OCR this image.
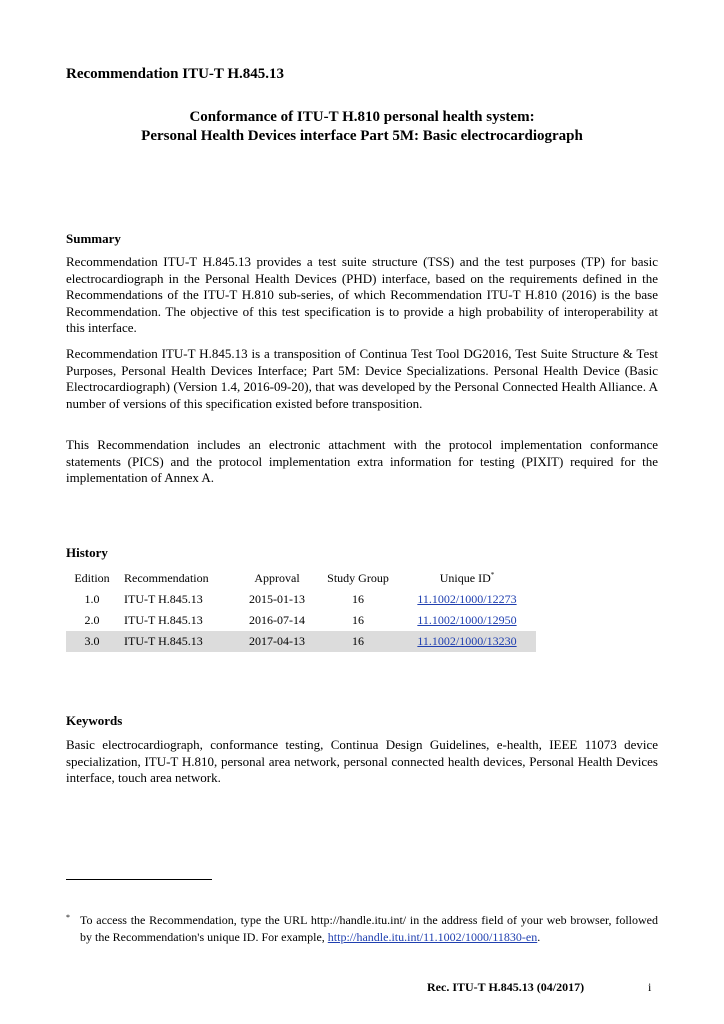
Recommendation ITU-T H.845.13
Conformance of ITU-T H.810 personal health system:
Personal Health Devices interface Part 5M: Basic electrocardiograph
Summary

Recommendation ITU-T H.845.13 provides a test suite structure (TSS) and the test purposes (TP) for basic electrocardiograph in the Personal Health Devices (PHD) interface, based on the requirements defined in the Recommendations of the ITU-T H.810 sub-series, of which Recommendation ITU-T H.810 (2016) is the base Recommendation. The objective of this test specification is to provide a high probability of interoperability at this interface.

Recommendation ITU-T H.845.13 is a transposition of Continua Test Tool DG2016, Test Suite Structure & Test Purposes, Personal Health Devices Interface; Part 5M: Device Specializations. Personal Health Device (Basic Electrocardiograph) (Version 1.4, 2016-09-20), that was developed by the Personal Connected Health Alliance. A number of versions of this specification existed before transposition.

This Recommendation includes an electronic attachment with the protocol implementation conformance statements (PICS) and the protocol implementation extra information for testing (PIXIT) required for the implementation of Annex A.

History
Edition	Recommendation	Approval	Study Group	Unique ID*
1.0	ITU-T H.845.13	2015-01-13	16	11.1002/1000/12273
2.0	ITU-T H.845.13	2016-07-14	16	11.1002/1000/12950
3.0	ITU-T H.845.13	2017-04-13	16	11.1002/1000/13230
Keywords

Basic electrocardiograph, conformance testing, Continua Design Guidelines, e-health, IEEE 11073 device specialization, ITU-T H.810, personal area network, personal connected health devices, Personal Health Devices interface, touch area network.

* To access the Recommendation, type the URL http://handle.itu.int/ in the address field of your web browser, followed by the Recommendation's unique ID. For example, http://handle.itu.int/11.1002/1000/11830-en.
Rec. ITU-T H.845.13 (04/2017)	i
